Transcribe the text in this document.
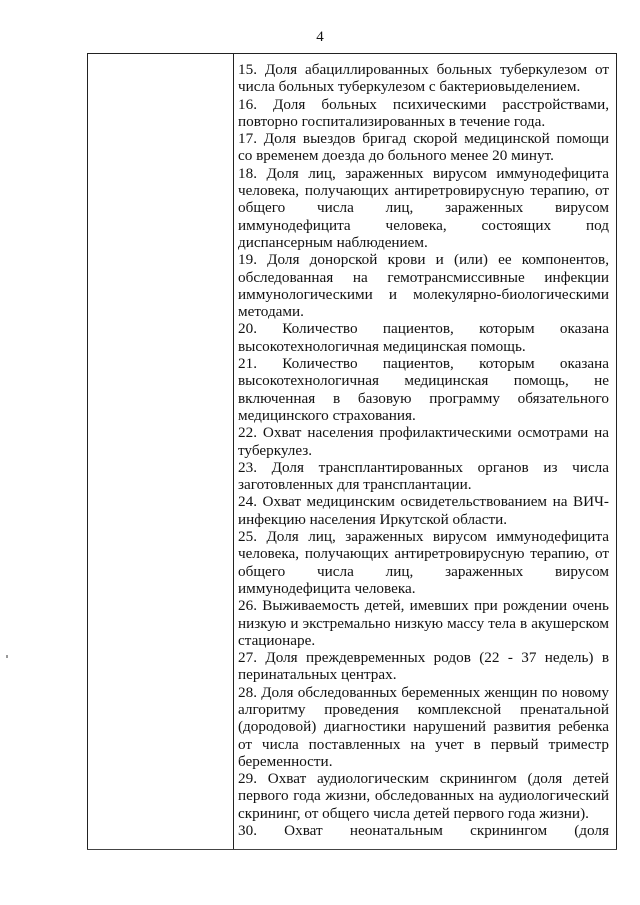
4
15. Доля абациллированных больных туберкулезом от числа больных туберкулезом с бактериовыделением.
16. Доля больных психическими расстройствами, повторно госпитализированных в течение года.
17. Доля выездов бригад скорой медицинской помощи со временем доезда до больного менее 20 минут.
18. Доля лиц, зараженных вирусом иммунодефицита человека, получающих антиретровирусную терапию, от общего числа лиц, зараженных вирусом иммунодефицита человека, состоящих под диспансерным наблюдением.
19. Доля донорской крови и (или) ее компонентов, обследованная на гемотрансмиссивные инфекции иммунологическими и молекулярно-биологическими методами.
20. Количество пациентов, которым оказана высокотехнологичная медицинская помощь.
21. Количество пациентов, которым оказана высокотехнологичная медицинская помощь, не включенная в базовую программу обязательного медицинского страхования.
22. Охват населения профилактическими осмотрами на туберкулез.
23. Доля трансплантированных органов из числа заготовленных для трансплантации.
24. Охват медицинским освидетельствованием на ВИЧ-инфекцию населения Иркутской области.
25. Доля лиц, зараженных вирусом иммунодефицита человека, получающих антиретровирусную терапию, от общего числа лиц, зараженных вирусом иммунодефицита человека.
26. Выживаемость детей, имевших при рождении очень низкую и экстремально низкую массу тела в акушерском стационаре.
27. Доля преждевременных родов (22 - 37 недель) в перинатальных центрах.
28. Доля обследованных беременных женщин по новому алгоритму проведения комплексной пренатальной (дородовой) диагностики нарушений развития ребенка от числа поставленных на учет в первый триместр беременности.
29. Охват аудиологическим скринингом (доля детей первого года жизни, обследованных на аудиологический скрининг, от общего числа детей первого года жизни).
30. Охват неонатальным скринингом (доля
